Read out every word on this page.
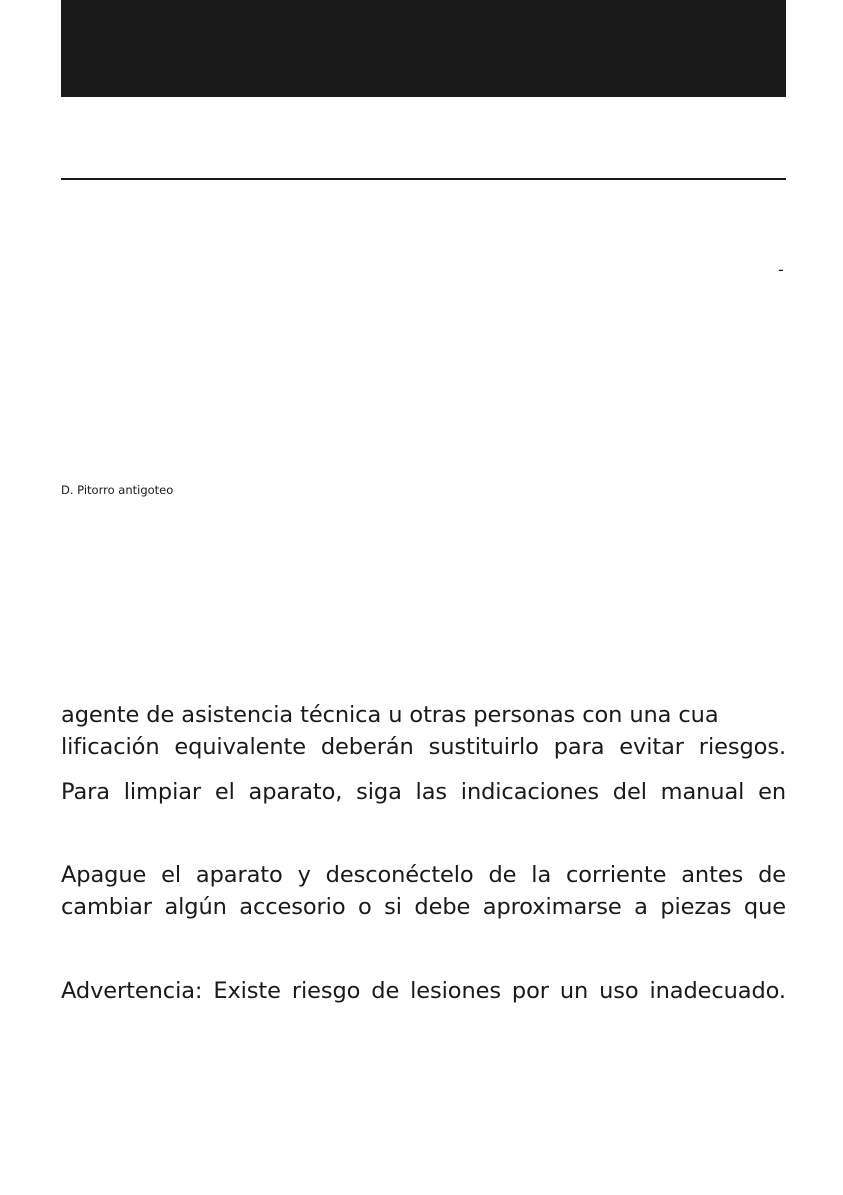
-
D. Pitorro antigoteo
agente de asistencia técnica u otras personas con una cua
lificación equivalente deberán sustituirlo para evitar riesgos.
Para limpiar el aparato, siga las indicaciones del manual en
Apague el aparato y desconéctelo de la corriente antes de
cambiar algún accesorio o si debe aproximarse a piezas que
Advertencia: Existe riesgo de lesiones por un uso inadecuado.
